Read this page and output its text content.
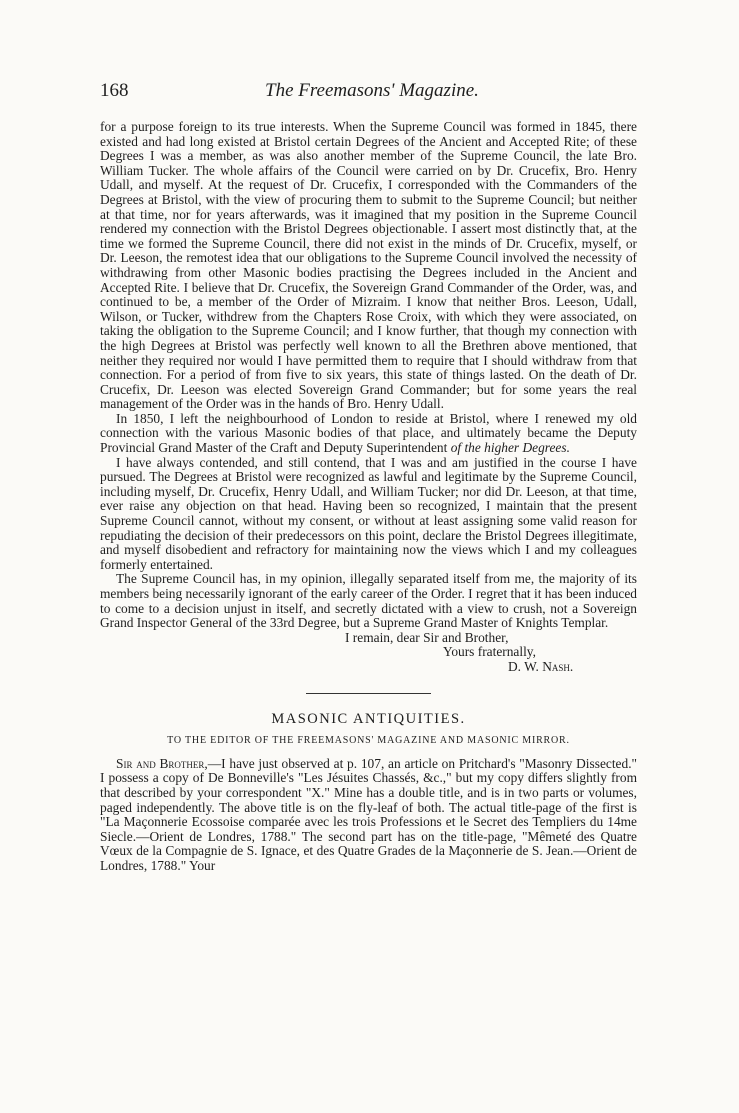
168	The Freemasons' Magazine.

for a purpose foreign to its true interests. When the Supreme Council was formed in 1845, there existed and had long existed at Bristol certain Degrees of the Ancient and Accepted Rite; of these Degrees I was a member, as was also another member of the Supreme Council, the late Bro. William Tucker. The whole affairs of the Council were carried on by Dr. Crucefix, Bro. Henry Udall, and myself. At the request of Dr. Crucefix, I corresponded with the Commanders of the Degrees at Bristol, with the view of procuring them to submit to the Supreme Council; but neither at that time, nor for years afterwards, was it imagined that my position in the Supreme Council rendered my connection with the Bristol Degrees objectionable. I assert most distinctly that, at the time we formed the Supreme Council, there did not exist in the minds of Dr. Crucefix, myself, or Dr. Leeson, the remotest idea that our obligations to the Supreme Council involved the necessity of withdrawing from other Masonic bodies practising the Degrees included in the Ancient and Accepted Rite. I believe that Dr. Crucefix, the Sovereign Grand Commander of the Order, was, and continued to be, a member of the Order of Mizraim. I know that neither Bros. Leeson, Udall, Wilson, or Tucker, withdrew from the Chapters Rose Croix, with which they were associated, on taking the obligation to the Supreme Council; and I know further, that though my connection with the high Degrees at Bristol was perfectly well known to all the Brethren above mentioned, that neither they required nor would I have permitted them to require that I should withdraw from that connection. For a period of from five to six years, this state of things lasted. On the death of Dr. Crucefix, Dr. Leeson was elected Sovereign Grand Commander; but for some years the real management of the Order was in the hands of Bro. Henry Udall.

In 1850, I left the neighbourhood of London to reside at Bristol, where I renewed my old connection with the various Masonic bodies of that place, and ultimately became the Deputy Provincial Grand Master of the Craft and Deputy Superintendent of the higher Degrees.

I have always contended, and still contend, that I was and am justified in the course I have pursued. The Degrees at Bristol were recognized as lawful and legitimate by the Supreme Council, including myself, Dr. Crucefix, Henry Udall, and William Tucker; nor did Dr. Leeson, at that time, ever raise any objection on that head. Having been so recognized, I maintain that the present Supreme Council cannot, without my consent, or without at least assigning some valid reason for repudiating the decision of their predecessors on this point, declare the Bristol Degrees illegitimate, and myself disobedient and refractory for maintaining now the views which I and my colleagues formerly entertained.

The Supreme Council has, in my opinion, illegally separated itself from me, the majority of its members being necessarily ignorant of the early career of the Order. I regret that it has been induced to come to a decision unjust in itself, and secretly dictated with a view to crush, not a Sovereign Grand Inspector General of the 33rd Degree, but a Supreme Grand Master of Knights Templar.

I remain, dear Sir and Brother,
Yours fraternally,
D. W. Nash.
MASONIC ANTIQUITIES.
TO THE EDITOR OF THE FREEMASONS' MAGAZINE AND MASONIC MIRROR.

Sir and Brother,—I have just observed at p. 107, an article on Pritchard's "Masonry Dissected." I possess a copy of De Bonneville's "Les Jésuites Chassés, &c.," but my copy differs slightly from that described by your correspondent "X." Mine has a double title, and is in two parts or volumes, paged independently. The above title is on the fly-leaf of both. The actual title-page of the first is "La Maçonnerie Ecossoise comparée avec les trois Professions et le Secret des Templiers du 14me Siecle.—Orient de Londres, 1788." The second part has on the title-page, "Mêmeté des Quatre Vœux de la Compagnie de S. Ignace, et des Quatre Grades de la Maçonnerie de S. Jean.—Orient de Londres, 1788." Your
